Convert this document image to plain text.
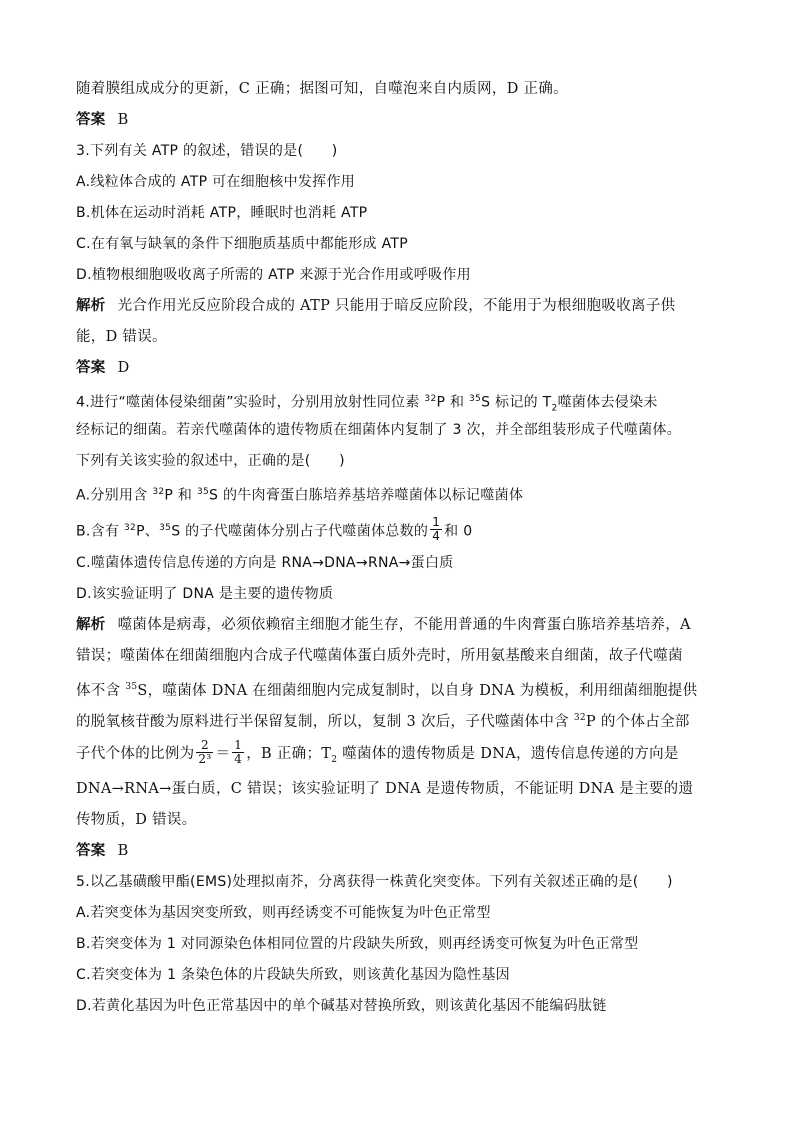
随着膜组成成分的更新，C 正确；据图可知，自噬泡来自内质网，D 正确。
答案 B
3.下列有关 ATP 的叙述，错误的是(　　)
A.线粒体合成的 ATP 可在细胞核中发挥作用
B.机体在运动时消耗 ATP，睡眠时也消耗 ATP
C.在有氧与缺氧的条件下细胞质基质中都能形成 ATP
D.植物根细胞吸收离子所需的 ATP 来源于光合作用或呼吸作用
解析 光合作用光反应阶段合成的 ATP 只能用于暗反应阶段，不能用于为根细胞吸收离子供
能，D 错误。
答案 D
4.进行“噬菌体侵染细菌”实验时，分别用放射性同位素 $^{32}$P 和 $^{35}$S 标记的 $T_2$噬菌体去侵染未
经标记的细菌。若亲代噬菌体的遗传物质在细菌体内复制了 3 次，并全部组装形成子代噬菌体。
下列有关该实验的叙述中，正确的是(　　)
A.分别用含 $^{32}$P 和 $^{35}$S 的牛肉膏蛋白胨培养基培养噬菌体以标记噬菌体
B.含有 $^{32}$P、$^{35}$S 的子代噬菌体分别占子代噬菌体总数的 $\frac{1}{4}$ 和 0
C.噬菌体遗传信息传递的方向是 RNA→DNA→RNA→蛋白质
D.该实验证明了 DNA 是主要的遗传物质
解析 噬菌体是病毒，必须依赖宿主细胞才能生存，不能用普通的牛肉膏蛋白胨培养基培养，A
错误；噬菌体在细菌细胞内合成子代噬菌体蛋白质外壳时，所用氨基酸来自细菌，故子代噬菌
体不含 $^{35}$S，噬菌体 DNA 在细菌细胞内完成复制时，以自身 DNA 为模板，利用细菌细胞提供
的脱氧核苷酸为原料进行半保留复制，所以，复制 3 次后，子代噬菌体中含 $^{32}$P 的个体占全部
子代个体的比例为 $\frac{2}{\text{2³}} = \frac{1}{4}$ ，B 正确；$T_2$ 噬菌体的遗传物质是 DNA，遗传信息传递的方向是
DNA→RNA→蛋白质，C 错误；该实验证明了 DNA 是遗传物质，不能证明 DNA 是主要的遗
传物质，D 错误。
答案 B
5.以乙基磺酸甲酯(EMS)处理拟南芥，分离获得一株黄化突变体。下列有关叙述正确的是(　　)
A.若突变体为基因突变所致，则再经诱变不可能恢复为叶色正常型
B.若突变体为 1 对同源染色体相同位置的片段缺失所致，则再经诱变可恢复为叶色正常型
C.若突变体为 1 条染色体的片段缺失所致，则该黄化基因为隐性基因
D.若黄化基因为叶色正常基因中的单个碱基对替换所致，则该黄化基因不能编码肽链
